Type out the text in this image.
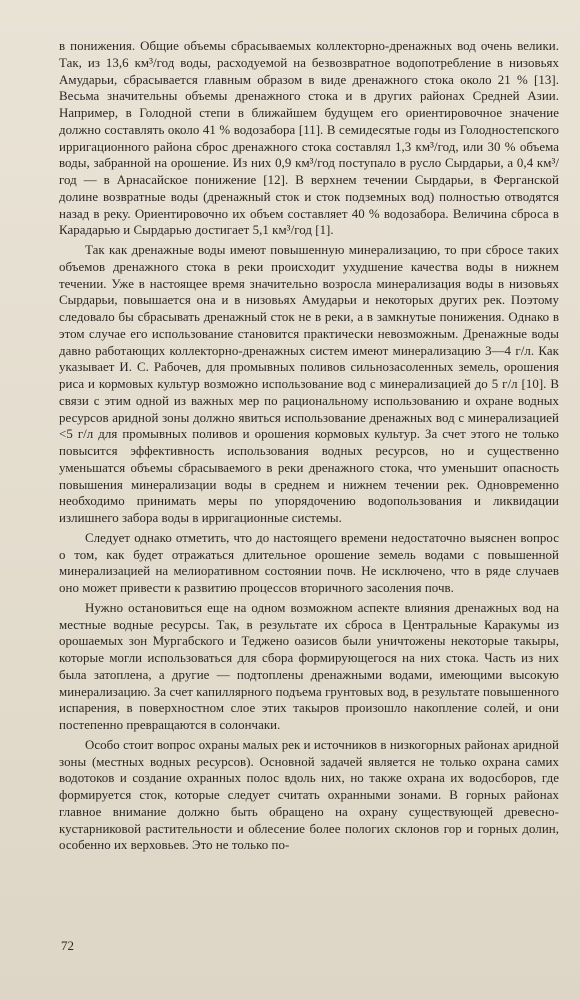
в понижения. Общие объемы сбрасываемых коллекторно-дренажных вод очень велики. Так, из 13,6 км³/год воды, расходуемой на безвозвратное водопотребление в низовьях Амударьи, сбрасывается главным образом в виде дренажного стока около 21 % [13]. Весьма значительны объемы дренажного стока и в других районах Средней Азии. Например, в Голодной степи в ближайшем будущем его ориентировочное значение должно составлять около 41 % водозабора [11]. В семидесятые годы из Голодностепского ирригационного района сброс дренажного стока составлял 1,3 км³/год, или 30 % объема воды, забранной на орошение. Из них 0,9 км³/год поступало в русло Сырдарьи, а 0,4 км³/год — в Арнасайское понижение [12]. В верхнем течении Сырдарьи, в Ферганской долине возвратные воды (дренажный сток и сток подземных вод) полностью отводятся назад в реку. Ориентировочно их объем составляет 40 % водозабора. Величина сброса в Карадарью и Сырдарью достигает 5,1 км³/год [1].

Так как дренажные воды имеют повышенную минерализацию, то при сбросе таких объемов дренажного стока в реки происходит ухудшение качества воды в нижнем течении. Уже в настоящее время значительно возросла минерализация воды в низовьях Сырдарьи, повышается она и в низовьях Амударьи и некоторых других рек. Поэтому следовало бы сбрасывать дренажный сток не в реки, а в замкнутые понижения. Однако в этом случае его использование становится практически невозможным. Дренажные воды давно работающих коллекторно-дренажных систем имеют минерализацию 3—4 г/л. Как указывает И. С. Рабочев, для промывных поливов сильнозасоленных земель, орошения риса и кормовых культур возможно использование вод с минерализацией до 5 г/л [10]. В связи с этим одной из важных мер по рациональному использованию и охране водных ресурсов аридной зоны должно явиться использование дренажных вод с минерализацией <5 г/л для промывных поливов и орошения кормовых культур. За счет этого не только повысится эффективность использования водных ресурсов, но и существенно уменьшатся объемы сбрасываемого в реки дренажного стока, что уменьшит опасность повышения минерализации воды в среднем и нижнем течении рек. Одновременно необходимо принимать меры по упорядочению водопользования и ликвидации излишнего забора воды в ирригационные системы.

Следует однако отметить, что до настоящего времени недостаточно выяснен вопрос о том, как будет отражаться длительное орошение земель водами с повышенной минерализацией на мелиоративном состоянии почв. Не исключено, что в ряде случаев оно может привести к развитию процессов вторичного засоления почв.

Нужно остановиться еще на одном возможном аспекте влияния дренажных вод на местные водные ресурсы. Так, в результате их сброса в Центральные Каракумы из орошаемых зон Мургабского и Теджено оазисов были уничтожены некоторые такыры, которые могли использоваться для сбора формирующегося на них стока. Часть из них была затоплена, а другие — подтоплены дренажными водами, имеющими высокую минерализацию. За счет капиллярного подъема грунтовых вод, в результате повышенного испарения, в поверхностном слое этих такыров произошло накопление солей, и они постепенно превращаются в солончаки.

Особо стоит вопрос охраны малых рек и источников в низкогорных районах аридной зоны (местных водных ресурсов). Основной задачей является не только охрана самих водотоков и создание охранных полос вдоль них, но также охрана их водосборов, где формируется сток, которые следует считать охранными зонами. В горных районах главное внимание должно быть обращено на охрану существующей древесно-кустарниковой растительности и облесение более пологих склонов гор и горных долин, особенно их верховьев. Это не только по-

72
